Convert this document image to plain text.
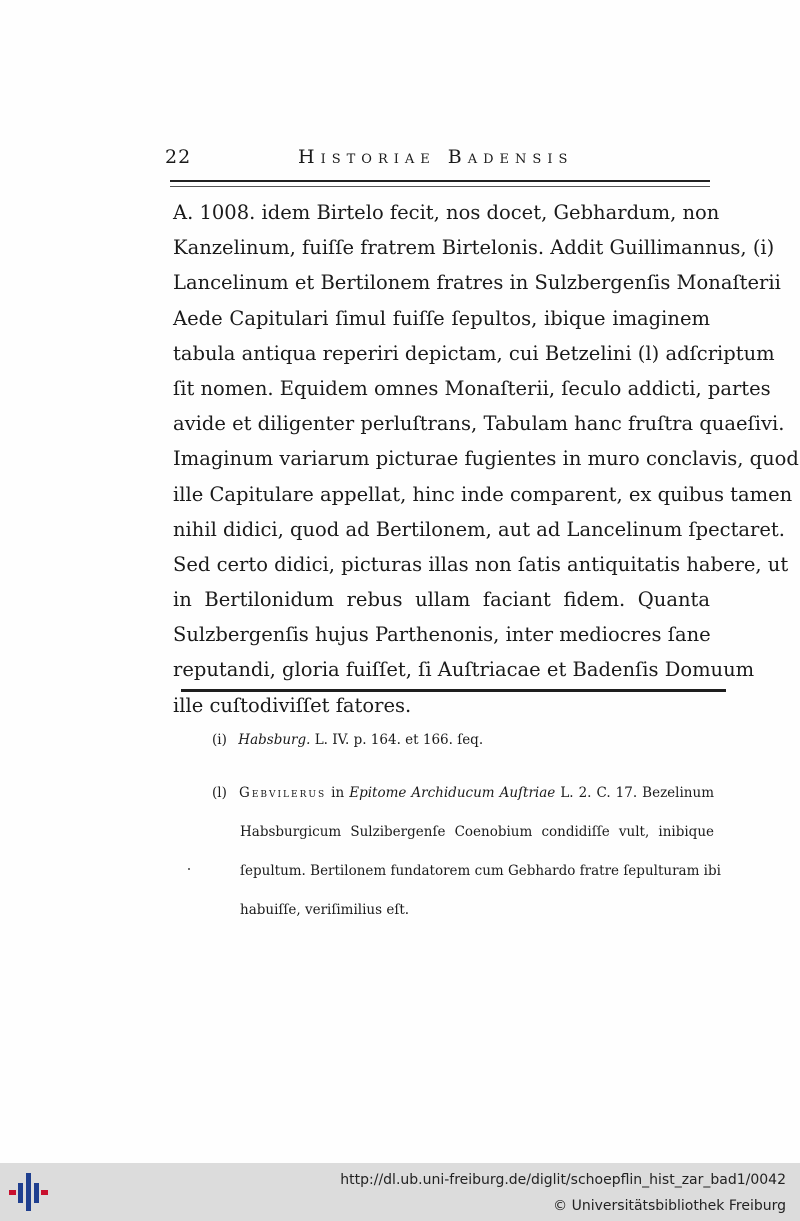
22	Historiae Badensis
A. 1008. idem Birtelo fecit, nos docet, Gebhardum, non
Kanzelinum, fuiſſe fratrem Birtelonis. Addit Guillimannus, (i)
Lancelinum et Bertilonem fratres in Sulzbergenſis Monaſterii
Aede Capitulari ſimul fuiſſe ſepultos, ibique imaginem
tabula antiqua reperiri depictam, cui Betzelini (l) adſcriptum
ſit nomen. Equidem omnes Monaſterii, ſeculo addicti, partes
avide et diligenter perluſtrans, Tabulam hanc fruſtra quaeſivi.
Imaginum variarum picturae fugientes in muro conclavis, quod
ille Capitulare appellat, hinc inde comparent, ex quibus tamen
nihil didici, quod ad Bertilonem, aut ad Lancelinum ſpectaret.
Sed certo didici, picturas illas non ſatis antiquitatis habere, ut
in Bertilonidum rebus ullam faciant fidem. Quanta
Sulzbergenſis hujus Parthenonis, inter mediocres ſane
reputandi, gloria fuiſſet, ſi Auſtriacae et Badenſis Domuum
ille cuſtodiviſſet fatores.
(i) Habsburg. L. IV. p. 164. et 166. ſeq.
(l) Gebvilerus in Epitome Archiducum Auſtriae L. 2. C. 17. Bezelinum
Habsburgicum Sulzibergenſe Coenobium condidiſſe vult, inibique
ſepultum. Bertilonem fundatorem cum Gebhardo fratre ſepulturam ibi
habuiſſe, veriſimilius eſt.
http://dl.ub.uni-freiburg.de/diglit/schoepflin_hist_zar_bad1/0042
© Universitätsbibliothek Freiburg
